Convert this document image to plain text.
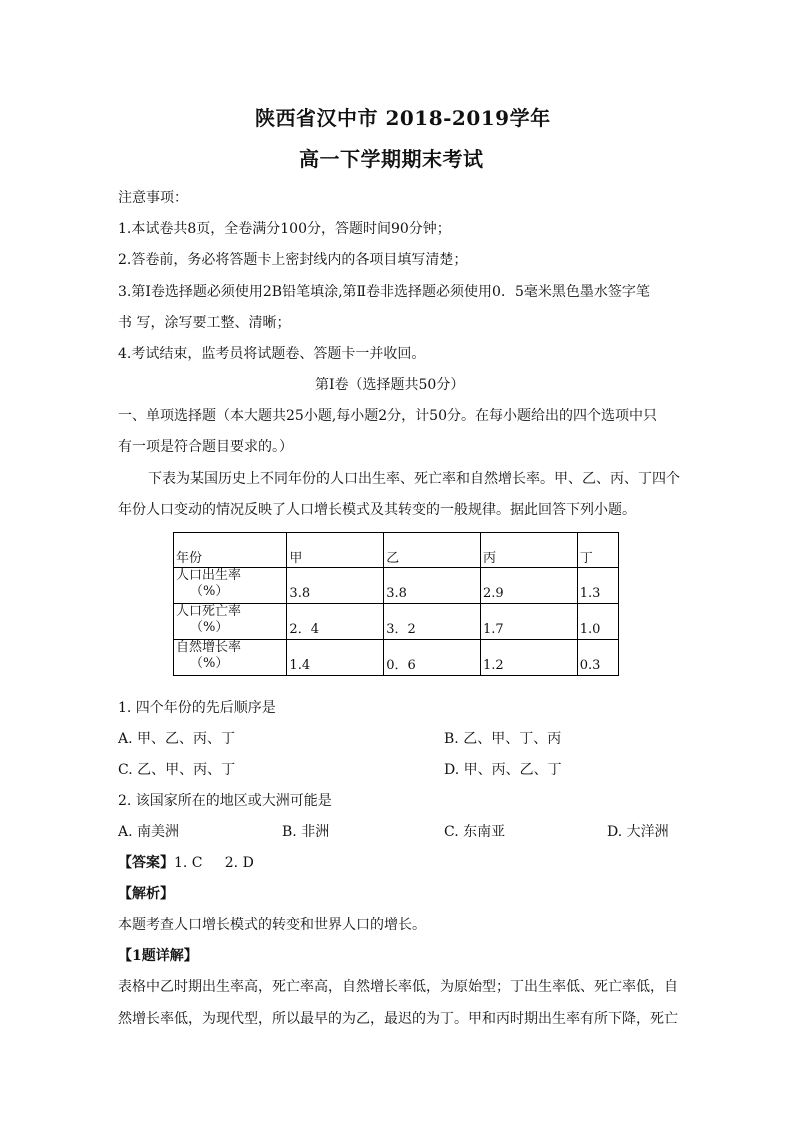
陕西省汉中市 2018-2019学年
高一下学期期末考试
注意事项：
1.本试卷共8页，全卷满分100分，答题时间90分钟；
2.答卷前，务必将答题卡上密封线内的各项目填写清楚；
3.第Ⅰ卷选择题必须使用2B铅笔填涂,第Ⅱ卷非选择题必须使用0．5毫米黑色墨水签字笔
书 写，涂写要工整、清晰；
4.考试结束，监考员将试题卷、答题卡一并收回。
第Ⅰ卷（选择题共50分）
一、单项选择题（本大题共25小题,每小题2分，计50分。在每小题给出的四个选项中只
有一项是符合题目要求的。）
下表为某国历史上不同年份的人口出生率、死亡率和自然增长率。甲、乙、丙、丁四个
年份人口变动的情况反映了人口增长模式及其转变的一般规律。据此回答下列小题。
年份	甲	乙	丙	丁

人口出生率
（%）	3.8	3.8	2.9	1.3

人口死亡率
（%）	2．4	3．2	1.7	1.0

自然增长率
（%）	1.4	0．6	1.2	0.3
1. 四个年份的先后顺序是
A. 甲、乙、丙、丁	B. 乙、甲、丁、丙
C. 乙、甲、丙、丁	D. 甲、丙、乙、丁
2. 该国家所在的地区或大洲可能是
A. 南美洲	B. 非洲	C. 东南亚	D. 大洋洲
【答案】1. C     2. D
【解析】
本题考查人口增长模式的转变和世界人口的增长。
【1题详解】
表格中乙时期出生率高，死亡率高，自然增长率低，为原始型；丁出生率低、死亡率低，自
然增长率低，为现代型，所以最早的为乙，最迟的为丁。甲和丙时期出生率有所下降，死亡
